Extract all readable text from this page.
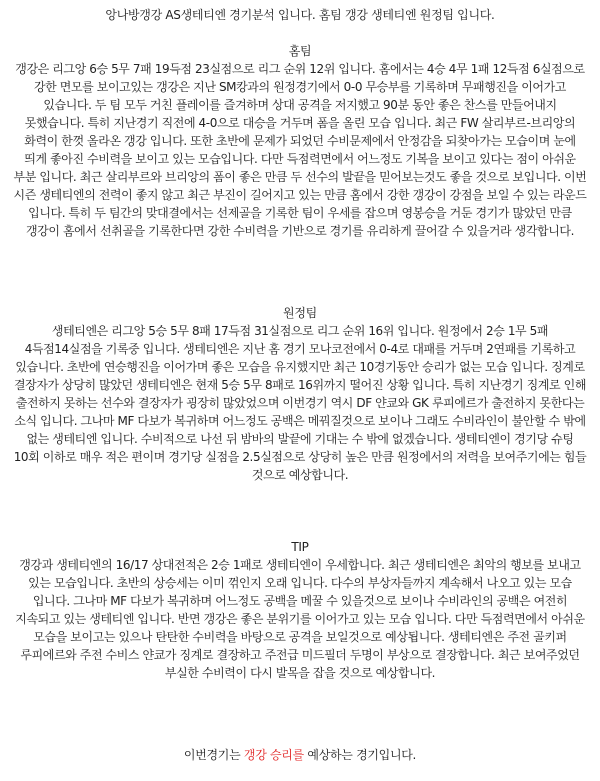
앙나방갱강 AS생테티엔 경기분석 입니다. 홈팀 갱강 생테티엔 원정팀 입니다.
홈팀
갱강은 리그앙 6승 5무 7패 19득점 23실점으로 리그 순위 12위 입니다. 홈에서는 4승 4무 1패 12득점 6실점으로 강한 면모를 보이고있는 갱강은 지난 SM캉과의 원정경기에서 0-0 무승부를 기록하며 무패행진을 이어가고 있습니다. 두 팀 모두 거친 플레이를 즐겨하며 상대 공격을 저지했고 90분 동안 좋은 찬스를 만들어내지 못했습니다. 특히 지난경기 직전에 4-0으로 대승을 거두며 폼을 올린 모습 입니다. 최근 FW 살리부르-브리앙의 화력이 한껏 올라온 갱강 입니다. 또한 초반에 문제가 되었던 수비문제에서 안정감을 되찾아가는 모습이며 눈에 띄게 좋아진 수비력을 보이고 있는 모습입니다. 다만 득점력면에서 어느정도 기복을 보이고 있다는 점이 아쉬운 부분 입니다. 최근 살리부르와 브리앙의 폼이 좋은 만큼 두 선수의 발끝을 믿어보는것도 좋을 것으로 보입니다. 이번 시즌 생테티엔의 전력이 좋지 않고 최근 부진이 길어지고 있는 만큼 홈에서 강한 갱강이 강점을 보일 수 있는 라운드 입니다. 특히 두 팀간의 맞대결에서는 선제골을 기록한 팀이 우세를 잡으며 영봉승을 거둔 경기가 많았던 만큼 갱강이 홈에서 선취골을 기록한다면 강한 수비력을 기반으로 경기를 유리하게 끌어갈 수 있을거라 생각합니다.
원정팀
생테티엔은 리그앙 5승 5무 8패 17득점 31실점으로 리그 순위 16위 입니다. 원정에서 2승 1무 5패 4득점14실점을 기록중 입니다. 생테티엔은 지난 홈 경기 모나코전에서 0-4로 대패를 거두며 2연패를 기록하고 있습니다. 초반에 연승행진을 이어가며 좋은 모습을 유지했지만 최근 10경기동안 승리가 없는 모습 입니다. 징계로 결장자가 상당히 많았던 생테티엔은 현재 5승 5무 8패로 16위까지 떨어진 상황 입니다. 특히 지난경기 징계로 인해 출전하지 못하는 선수와 결장자가 굉장히 많았었으며 이번경기 역시 DF 얀쿄와 GK 루피에르가 출전하지 못한다는 소식 입니다. 그나마 MF 다보가 복귀하며 어느정도 공백은 메꿔질것으로 보이나 그래도 수비라인이 불안할 수 밖에 없는 생테티엔 입니다. 수비적으로 나선 뒤 밤바의 발끝에 기대는 수 밖에 없겠습니다. 생테티엔이 경기당 슈팅 10회 이하로 매우 적은 편이며 경기당 실점을 2.5실점으로 상당히 높은 만큼 원정에서의 저력을 보여주기에는 힘들 것으로 예상합니다.
TIP
갱강과 생테티엔의 16/17 상대전적은 2승 1패로 생테티엔이 우세합니다. 최근 생테티엔은 최악의 행보를 보내고 있는 모습입니다. 초반의 상승세는 이미 꺾인지 오래 입니다. 다수의 부상자들까지 계속해서 나오고 있는 모습 입니다. 그나마 MF 다보가 복귀하며 어느정도 공백을 메꿀 수 있을것으로 보이나 수비라인의 공백은 여전히 지속되고 있는 생테티엔 입니다. 반면 갱강은 좋은 분위기를 이어가고 있는 모습 입니다. 다만 득점력면에서 아쉬운 모습을 보이고는 있으나 탄탄한 수비력을 바탕으로 공격을 보일것으로 예상됩니다. 생테티엔은 주전 골키퍼 루피에르와 주전 수비스 얀쿄가 징계로 결장하고 주전급 미드필더 두명이 부상으로 결장합니다. 최근 보여주었던 부실한 수비력이 다시 발목을 잡을 것으로 예상합니다.
이번경기는 갱강 승리를 예상하는 경기입니다.
